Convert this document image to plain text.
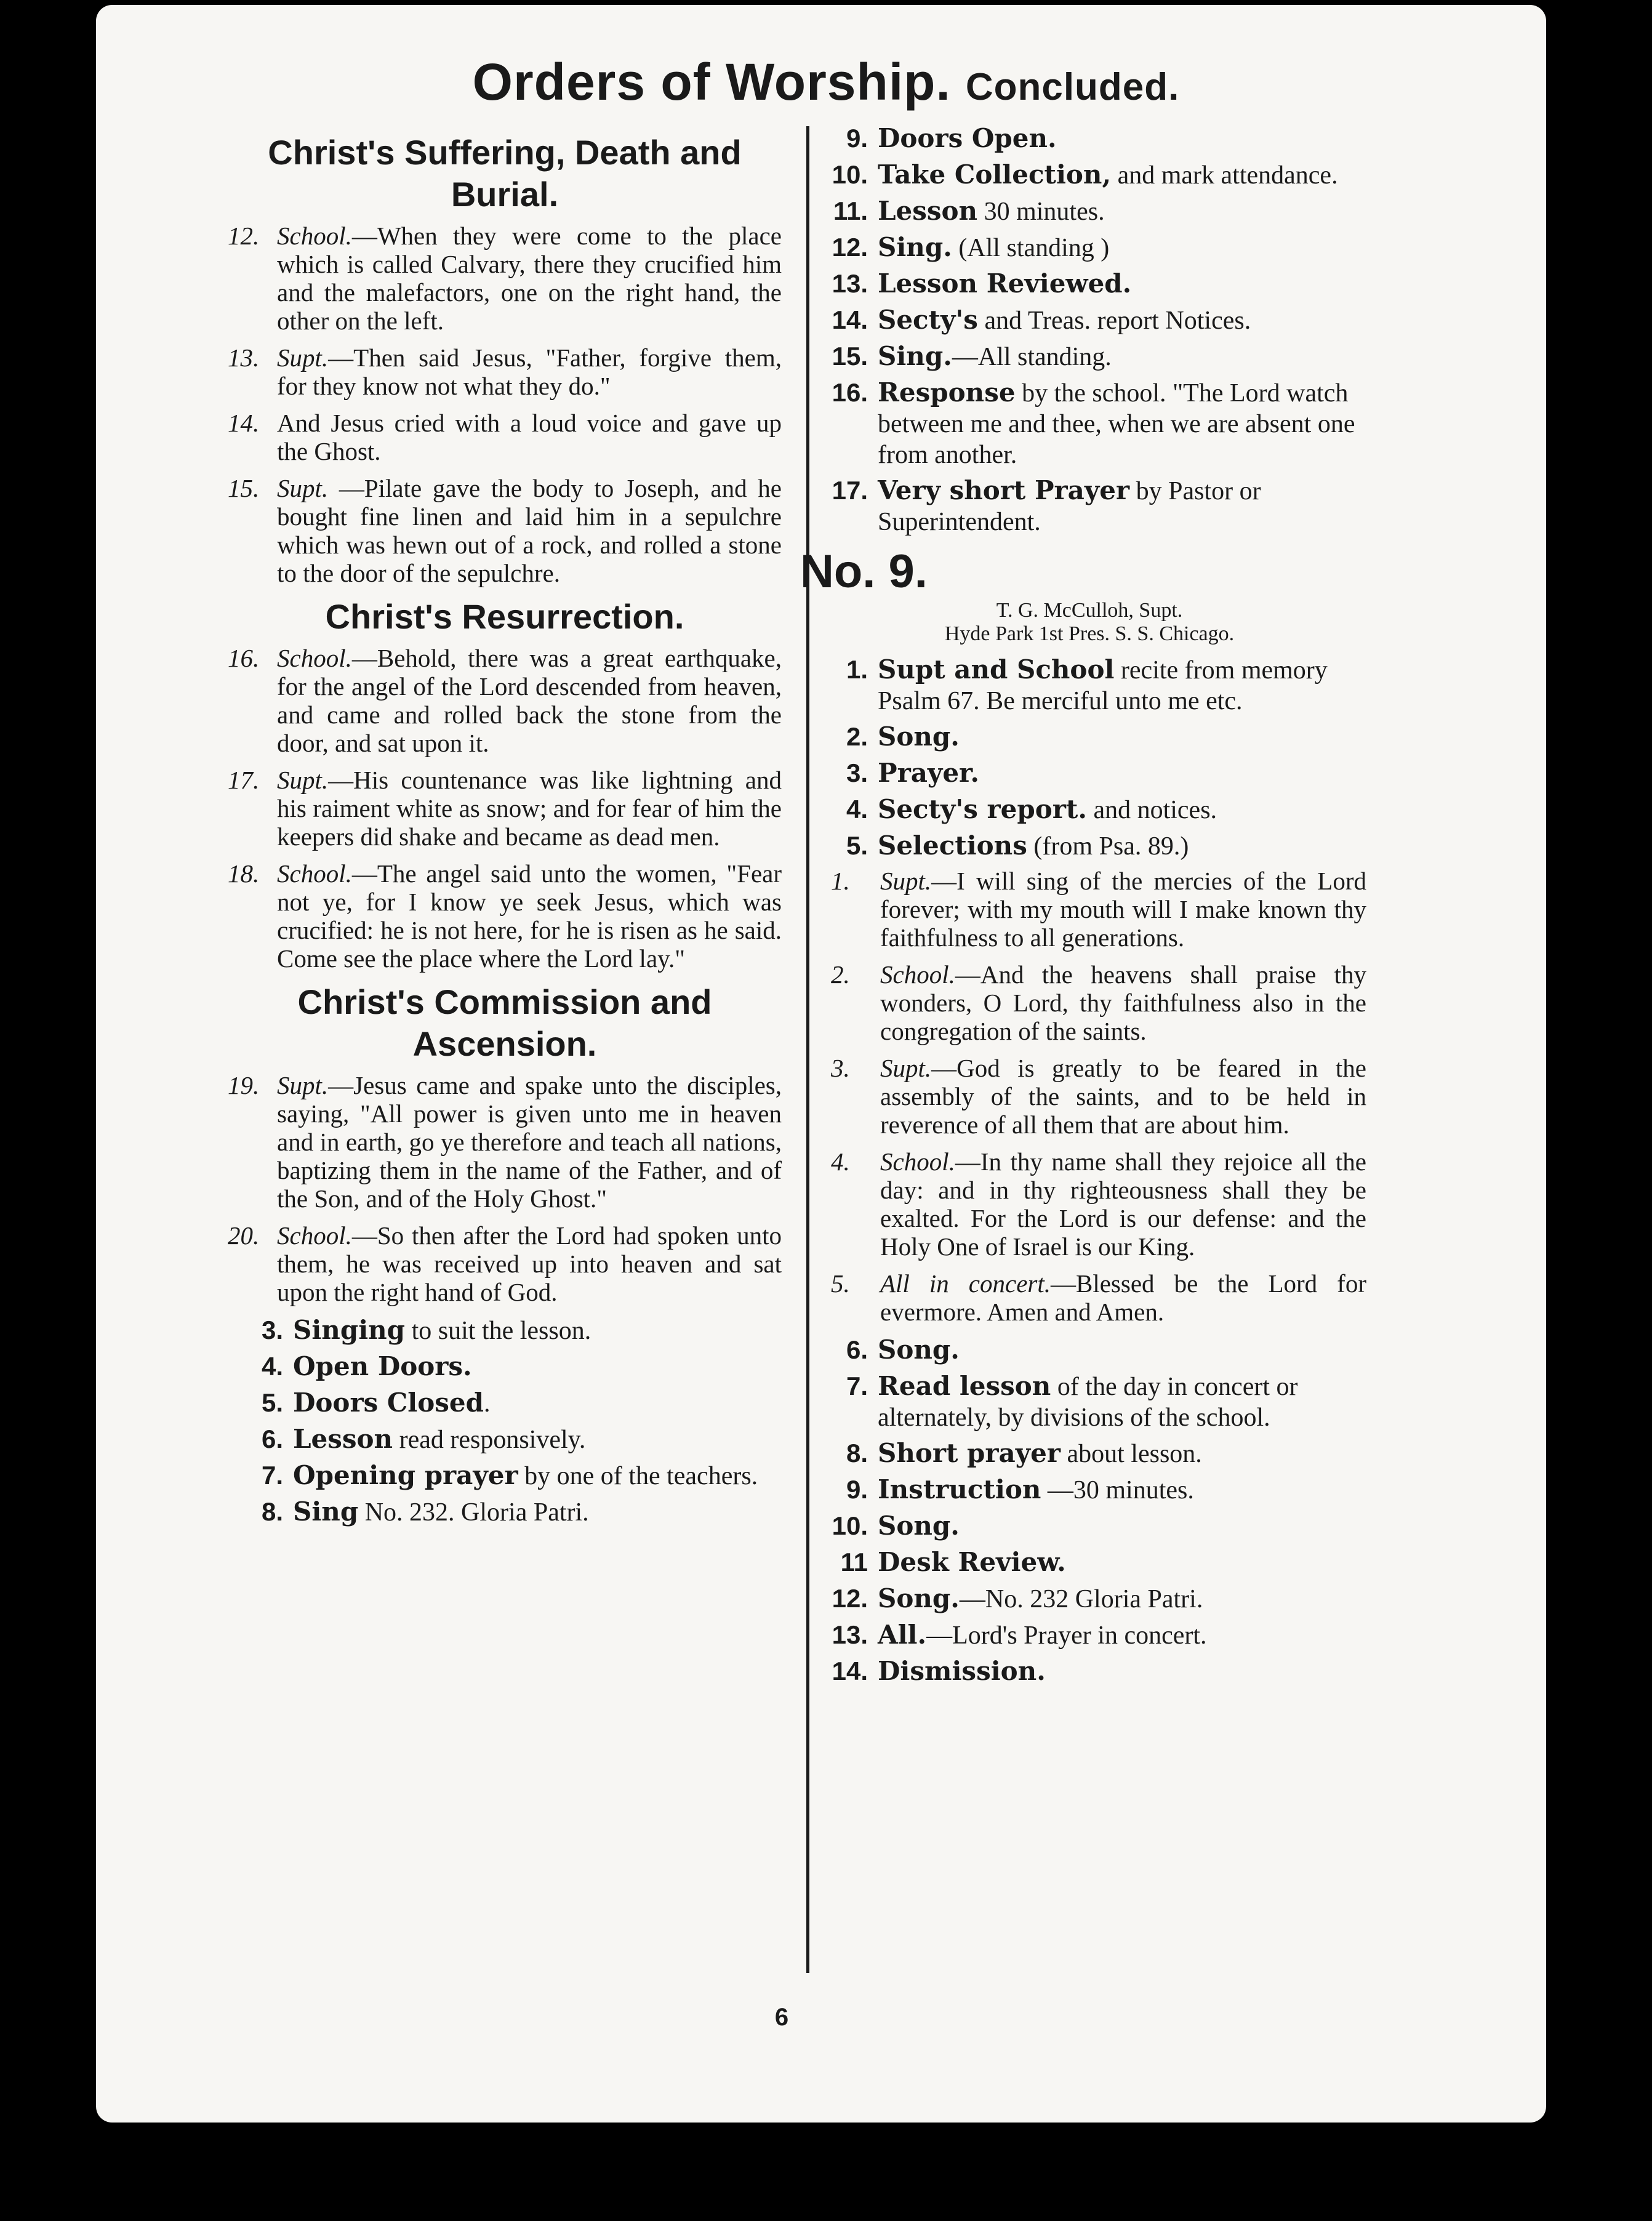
Orders of Worship. Concluded.
Christ's Suffering, Death and Burial.
12. School.—When they were come to the place which is called Calvary, there they crucified him and the malefactors, one on the right hand, the other on the left.
13. Supt.—Then said Jesus, "Father, forgive them, for they know not what they do."
14. And Jesus cried with a loud voice and gave up the Ghost.
15. Supt. —Pilate gave the body to Joseph, and he bought fine linen and laid him in a sepulchre which was hewn out of a rock, and rolled a stone to the door of the sepulchre.
Christ's Resurrection.
16. School.—Behold, there was a great earthquake, for the angel of the Lord descended from heaven, and came and rolled back the stone from the door, and sat upon it.
17. Supt.—His countenance was like lightning and his raiment white as snow; and for fear of him the keepers did shake and became as dead men.
18. School.—The angel said unto the women, "Fear not ye, for I know ye seek Jesus, which was crucified: he is not here, for he is risen as he said. Come see the place where the Lord lay."
Christ's Commission and Ascension.
19. Supt.—Jesus came and spake unto the disciples, saying, "All power is given unto me in heaven and in earth, go ye therefore and teach all nations, baptizing them in the name of the Father, and of the Son, and of the Holy Ghost."
20. School.—So then after the Lord had spoken unto them, he was received up into heaven and sat upon the right hand of God.
3. Singing to suit the lesson.
4. Open Doors.
5. Doors Closed.
6. Lesson read responsively.
7. Opening prayer by one of the teachers.
8. Sing No. 232. Gloria Patri.
9. Doors Open.
10. Take Collection, and mark attendance.
11. Lesson 30 minutes.
12. Sing. (All standing )
13. Lesson Reviewed.
14. Secty's and Treas. report Notices.
15. Sing.—All standing.
16. Response by the school. "The Lord watch between me and thee, when we are absent one from another.
17. Very short Prayer by Pastor or Superintendent.
No. 9.
T. G. McCulloh, Supt.
Hyde Park 1st Pres. S. S. Chicago.
1. Supt and School recite from memory Psalm 67. Be merciful unto me etc.
2. Song.
3. Prayer.
4. Secty's report. and notices.
5. Selections (from Psa. 89.)
1.	Supt.—I will sing of the mercies of the Lord forever; with my mouth will I make known thy faithfulness to all generations.
2.	School.—And the heavens shall praise thy wonders, O Lord, thy faithfulness also in the congregation of the saints.
3.	Supt.—God is greatly to be feared in the assembly of the saints, and to be held in reverence of all them that are about him.
4.	School.—In thy name shall they rejoice all the day: and in thy righteousness shall they be exalted. For the Lord is our defense: and the Holy One of Israel is our King.
5.	All in concert.—Blessed be the Lord for evermore. Amen and Amen.
6. Song.
7. Read lesson of the day in concert or alternately, by divisions of the school.
8. Short prayer about lesson.
9. Instruction —30 minutes.
10. Song.
11 Desk Review.
12. Song.—No. 232 Gloria Patri.
13. All.—Lord's Prayer in concert.
14. Dismission.
6
